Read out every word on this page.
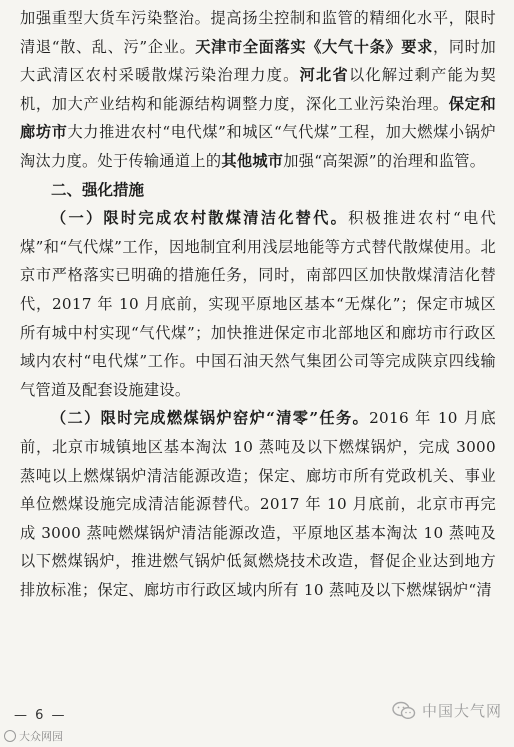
加强重型大货车污染整治。提高扬尘控制和监管的精细化水平，限时清退“散、乱、污”企业。天津市全面落实《大气十条》要求，同时加大武清区农村采暖散煤污染治理力度。河北省以化解过剩产能为契机，加大产业结构和能源结构调整力度，深化工业污染治理。保定和廊坊市大力推进农村“电代煤”和城区“气代煤”工程，加大燃煤小锅炉淘汰力度。处于传输通道上的其他城市加强“高架源”的治理和监管。

二、强化措施

（一）限时完成农村散煤清洁化替代。积极推进农村“电代煤”和“气代煤”工作，因地制宜利用浅层地能等方式替代散煤使用。北京市严格落实已明确的措施任务，同时，南部四区加快散煤清洁化替代，2017 年 10 月底前，实现平原地区基本“无煤化”；保定市城区所有城中村实现“气代煤”；加快推进保定市北部地区和廊坊市行政区域内农村“电代煤”工作。中国石油天然气集团公司等完成陕京四线输气管道及配套设施建设。

（二）限时完成燃煤锅炉窑炉“清零”任务。2016 年 10 月底前，北京市城镇地区基本淘汰 10 蒸吨及以下燃煤锅炉，完成 3000 蒸吨以上燃煤锅炉清洁能源改造；保定、廊坊市所有党政机关、事业单位燃煤设施完成清洁能源替代。2017 年 10 月底前，北京市再完成 3000 蒸吨燃煤锅炉清洁能源改造，平原地区基本淘汰 10 蒸吨及以下燃煤锅炉，推进燃气锅炉低氮燃烧技术改造，督促企业达到地方排放标准；保定、廊坊市行政区域内所有 10 蒸吨及以下燃煤锅炉“清

— 6 —
大众网园
中国大气网
